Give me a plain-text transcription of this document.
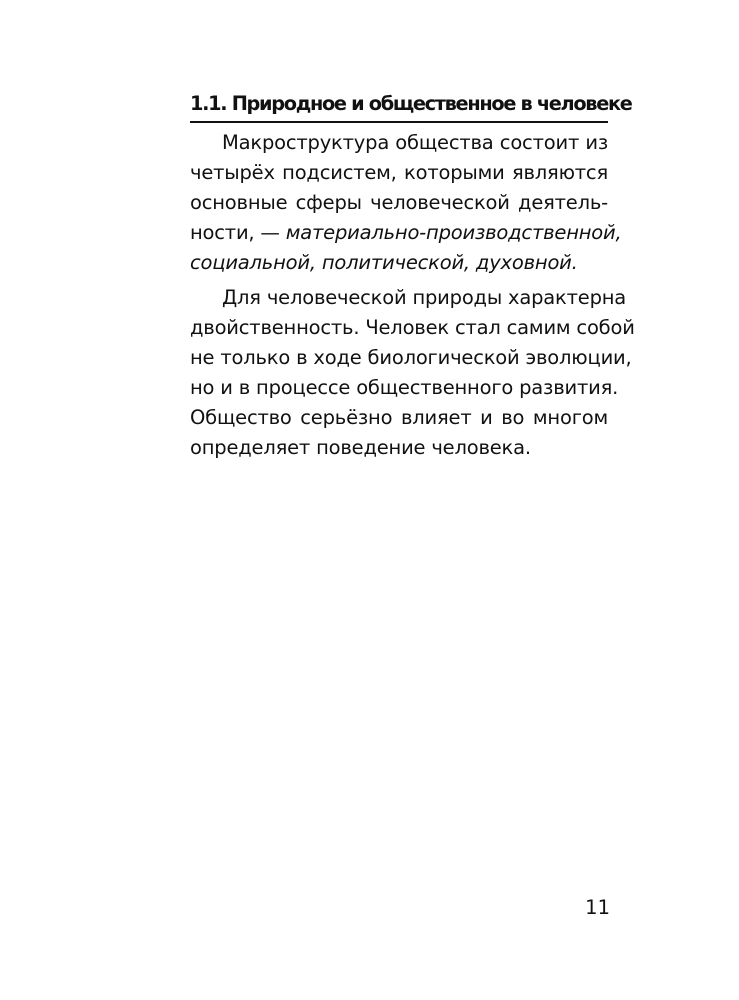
1.1. Природное и общественное в человеке
Макроструктура общества состоит из
четырёх подсистем, которыми являются
основные сферы человеческой деятель-
ности, — материально-производственной,
социальной, политической, духовной.
Для человеческой природы характерна
двойственность. Человек стал самим собой
не только в ходе биологической эволюции,
но и в процессе общественного развития.
Общество серьёзно влияет и во многом
определяет поведение человека.
11
